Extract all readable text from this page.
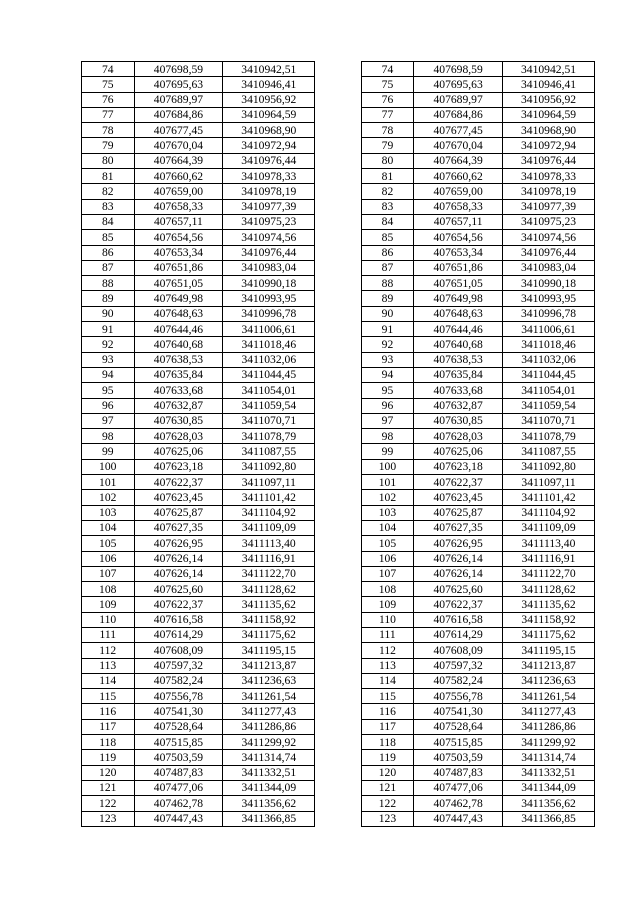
74	407698,59	3410942,51		74	407698,59	3410942,51
75	407695,63	3410946,41		75	407695,63	3410946,41
76	407689,97	3410956,92		76	407689,97	3410956,92
77	407684,86	3410964,59		77	407684,86	3410964,59
78	407677,45	3410968,90		78	407677,45	3410968,90
79	407670,04	3410972,94		79	407670,04	3410972,94
80	407664,39	3410976,44		80	407664,39	3410976,44
81	407660,62	3410978,33		81	407660,62	3410978,33
82	407659,00	3410978,19		82	407659,00	3410978,19
83	407658,33	3410977,39		83	407658,33	3410977,39
84	407657,11	3410975,23		84	407657,11	3410975,23
85	407654,56	3410974,56		85	407654,56	3410974,56
86	407653,34	3410976,44		86	407653,34	3410976,44
87	407651,86	3410983,04		87	407651,86	3410983,04
88	407651,05	3410990,18		88	407651,05	3410990,18
89	407649,98	3410993,95		89	407649,98	3410993,95
90	407648,63	3410996,78		90	407648,63	3410996,78
91	407644,46	3411006,61		91	407644,46	3411006,61
92	407640,68	3411018,46		92	407640,68	3411018,46
93	407638,53	3411032,06		93	407638,53	3411032,06
94	407635,84	3411044,45		94	407635,84	3411044,45
95	407633,68	3411054,01		95	407633,68	3411054,01
96	407632,87	3411059,54		96	407632,87	3411059,54
97	407630,85	3411070,71		97	407630,85	3411070,71
98	407628,03	3411078,79		98	407628,03	3411078,79
99	407625,06	3411087,55		99	407625,06	3411087,55
100	407623,18	3411092,80		100	407623,18	3411092,80
101	407622,37	3411097,11		101	407622,37	3411097,11
102	407623,45	3411101,42		102	407623,45	3411101,42
103	407625,87	3411104,92		103	407625,87	3411104,92
104	407627,35	3411109,09		104	407627,35	3411109,09
105	407626,95	3411113,40		105	407626,95	3411113,40
106	407626,14	3411116,91		106	407626,14	3411116,91
107	407626,14	3411122,70		107	407626,14	3411122,70
108	407625,60	3411128,62		108	407625,60	3411128,62
109	407622,37	3411135,62		109	407622,37	3411135,62
110	407616,58	3411158,92		110	407616,58	3411158,92
111	407614,29	3411175,62		111	407614,29	3411175,62
112	407608,09	3411195,15		112	407608,09	3411195,15
113	407597,32	3411213,87		113	407597,32	3411213,87
114	407582,24	3411236,63		114	407582,24	3411236,63
115	407556,78	3411261,54		115	407556,78	3411261,54
116	407541,30	3411277,43		116	407541,30	3411277,43
117	407528,64	3411286,86		117	407528,64	3411286,86
118	407515,85	3411299,92		118	407515,85	3411299,92
119	407503,59	3411314,74		119	407503,59	3411314,74
120	407487,83	3411332,51		120	407487,83	3411332,51
121	407477,06	3411344,09		121	407477,06	3411344,09
122	407462,78	3411356,62		122	407462,78	3411356,62
123	407447,43	3411366,85		123	407447,43	3411366,85
